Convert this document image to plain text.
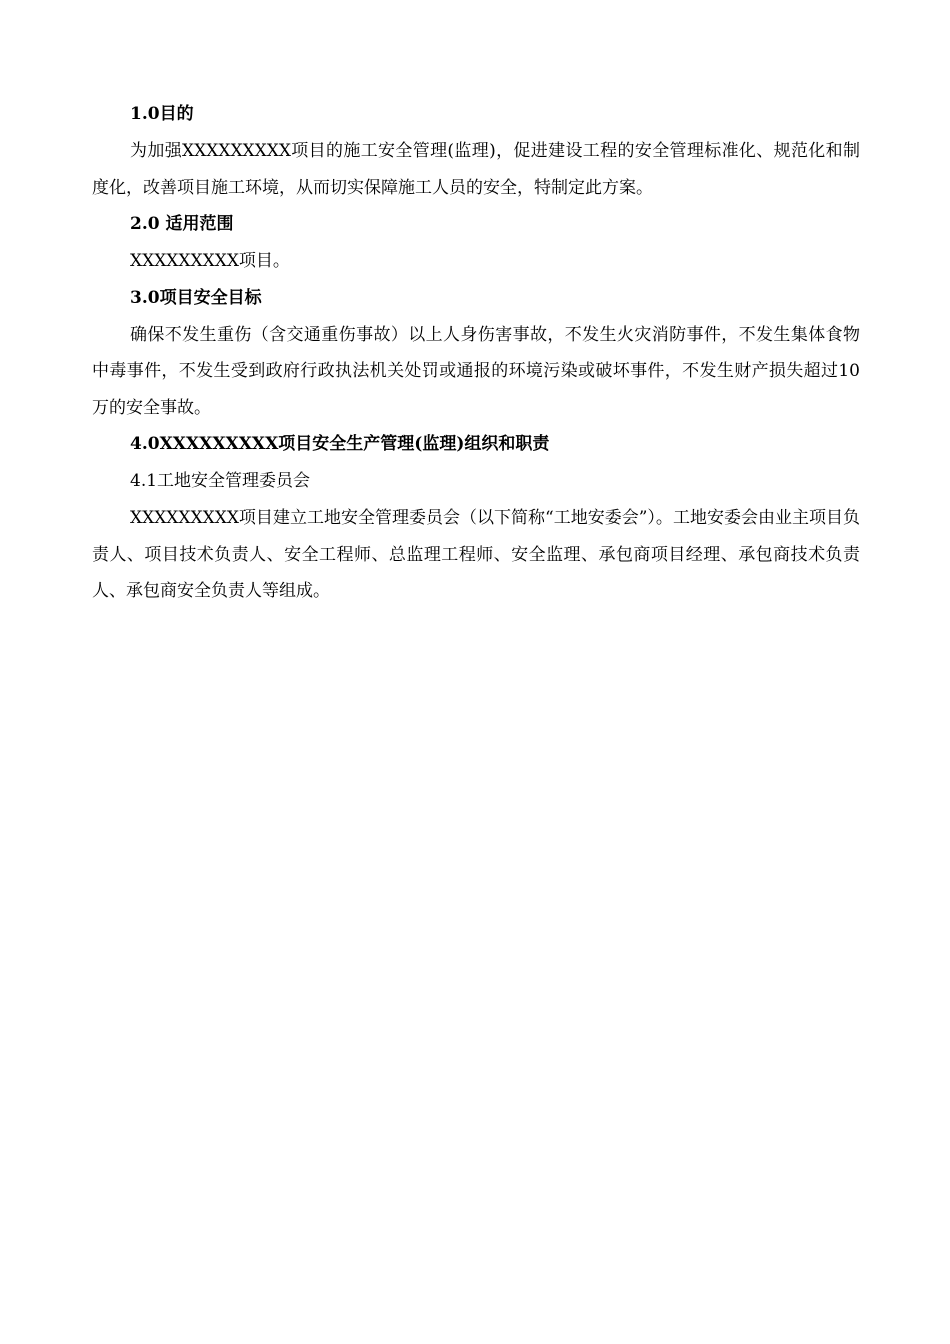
1.0目的

为加强XXXXXXXXX项目的施工安全管理(监理)，促进建设工程的安全管理标准化、规范化和制度化，改善项目施工环境，从而切实保障施工人员的安全，特制定此方案。

2.0 适用范围

XXXXXXXXX项目。

3.0项目安全目标

确保不发生重伤（含交通重伤事故）以上人身伤害事故，不发生火灾消防事件，不发生集体食物中毒事件，不发生受到政府行政执法机关处罚或通报的环境污染或破坏事件，不发生财产损失超过10万的安全事故。

4.0XXXXXXXXX项目安全生产管理(监理)组织和职责

4.1工地安全管理委员会

XXXXXXXXX项目建立工地安全管理委员会（以下简称“工地安委会”）。工地安委会由业主项目负责人、项目技术负责人、安全工程师、总监理工程师、安全监理、承包商项目经理、承包商技术负责人、承包商安全负责人等组成。
